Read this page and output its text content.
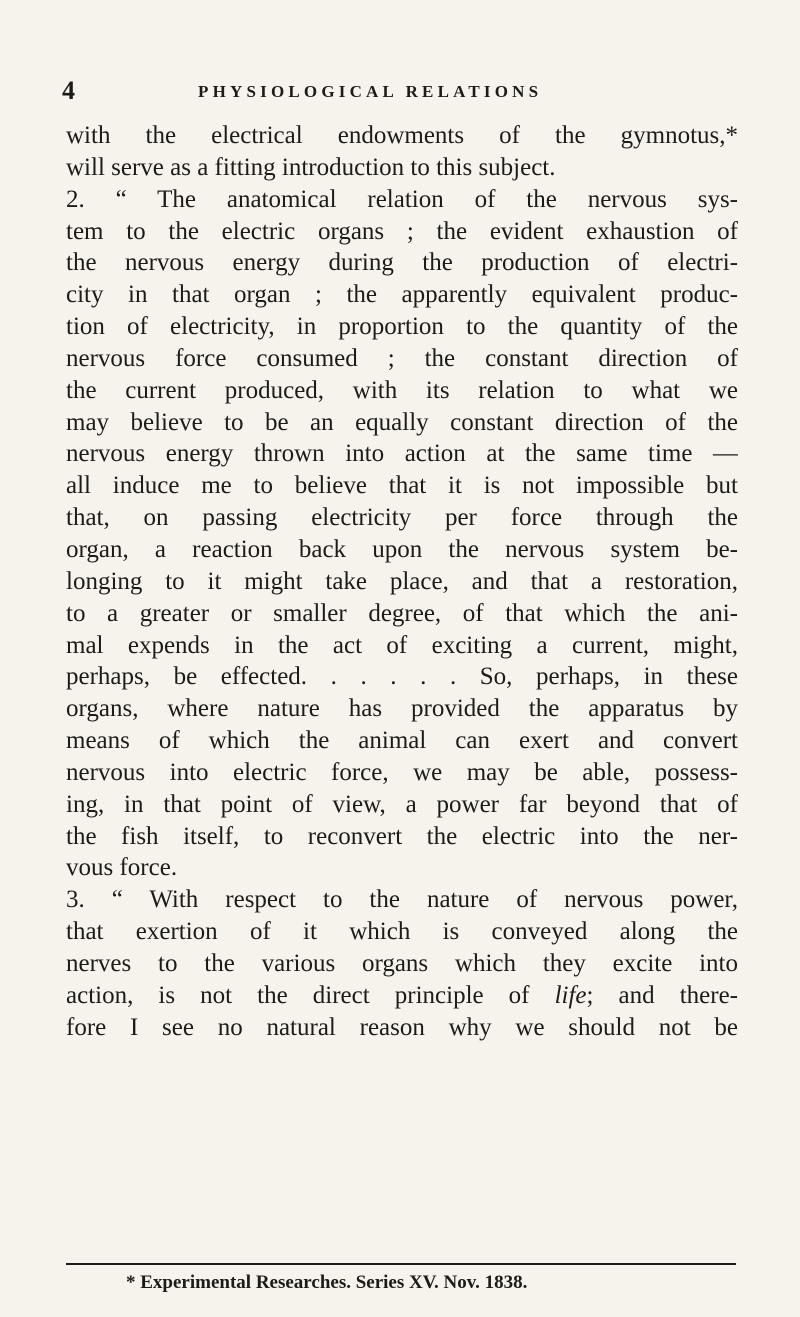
4	PHYSIOLOGICAL RELATIONS
with the electrical endowments of the gymnotus,*
will serve as a fitting introduction to this subject.
2. “ The anatomical relation of the nervous sys-
tem to the electric organs ; the evident exhaustion of
the nervous energy during the production of electri-
city in that organ ; the apparently equivalent produc-
tion of electricity, in proportion to the quantity of the
nervous force consumed ; the constant direction of
the current produced, with its relation to what we
may believe to be an equally constant direction of the
nervous energy thrown into action at the same time —
all induce me to believe that it is not impossible but
that, on passing electricity per force through the
organ, a reaction back upon the nervous system be-
longing to it might take place, and that a restoration,
to a greater or smaller degree, of that which the ani-
mal expends in the act of exciting a current, might,
perhaps, be effected. . . . . . So, perhaps, in these
organs, where nature has provided the apparatus by
means of which the animal can exert and convert
nervous into electric force, we may be able, possess-
ing, in that point of view, a power far beyond that of
the fish itself, to reconvert the electric into the ner-
vous force.
3. “ With respect to the nature of nervous power,
that exertion of it which is conveyed along the
nerves to the various organs which they excite into
action, is not the direct principle of life; and there-
fore I see no natural reason why we should not be
* Experimental Researches. Series XV. Nov. 1838.
